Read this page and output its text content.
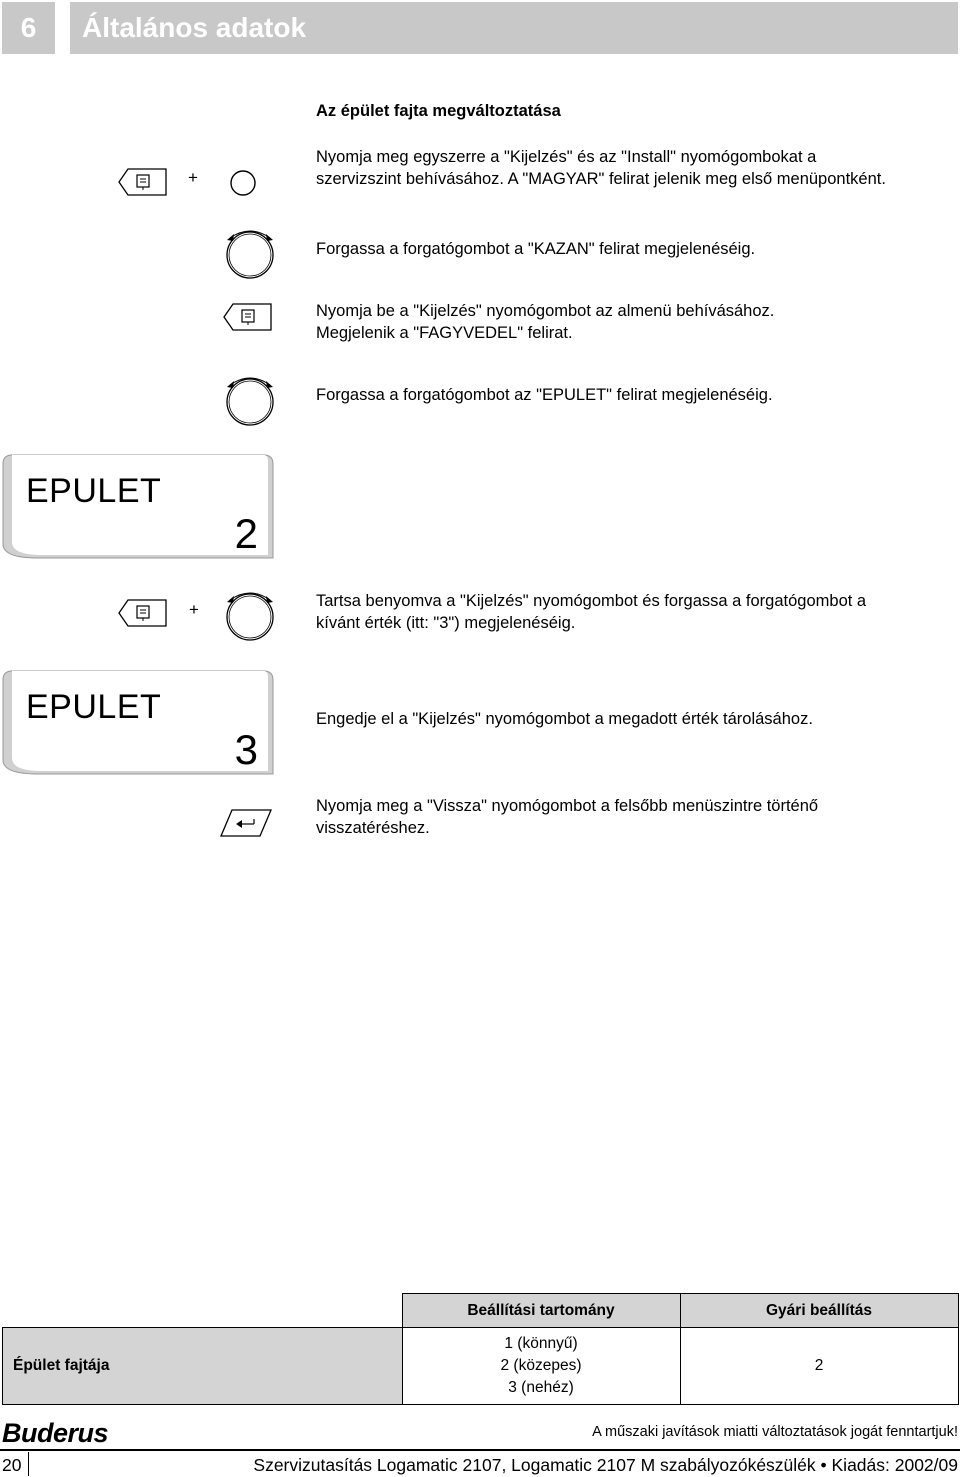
6	Általános adatok
Az épület fajta megváltoztatása
+
Nyomja meg egyszerre a "Kijelzés" és az "Install" nyomógombokat a
szervizszint behívásához. A "MAGYAR" felirat jelenik meg első menüpontként.
Forgassa a forgatógombot a "KAZAN" felirat megjelenéséig.
Nyomja be a "Kijelzés" nyomógombot az almenü behívásához.
Megjelenik a "FAGYVEDEL" felirat.
Forgassa a forgatógombot az "EPULET" felirat megjelenéséig.
EPULET
2
+	Tartsa benyomva a "Kijelzés" nyomógombot és forgassa a forgatógombot a
kívánt érték (itt: "3") megjelenéséig.
EPULET
3
Engedje el a "Kijelzés" nyomógombot a megadott érték tárolásához.
Nyomja meg a "Vissza" nyomógombot a felsőbb menüszintre történő
visszatéréshez.
	Beállítási tartomány	Gyári beállítás
Épület fajtája	1 (könnyű)
2 (közepes)
3 (nehéz)	2
Buderus	A műszaki javítások miatti változtatások jogát fenntartjuk!
20	Szervizutasítás Logamatic 2107, Logamatic 2107 M szabályozókészülék • Kiadás: 2002/09
